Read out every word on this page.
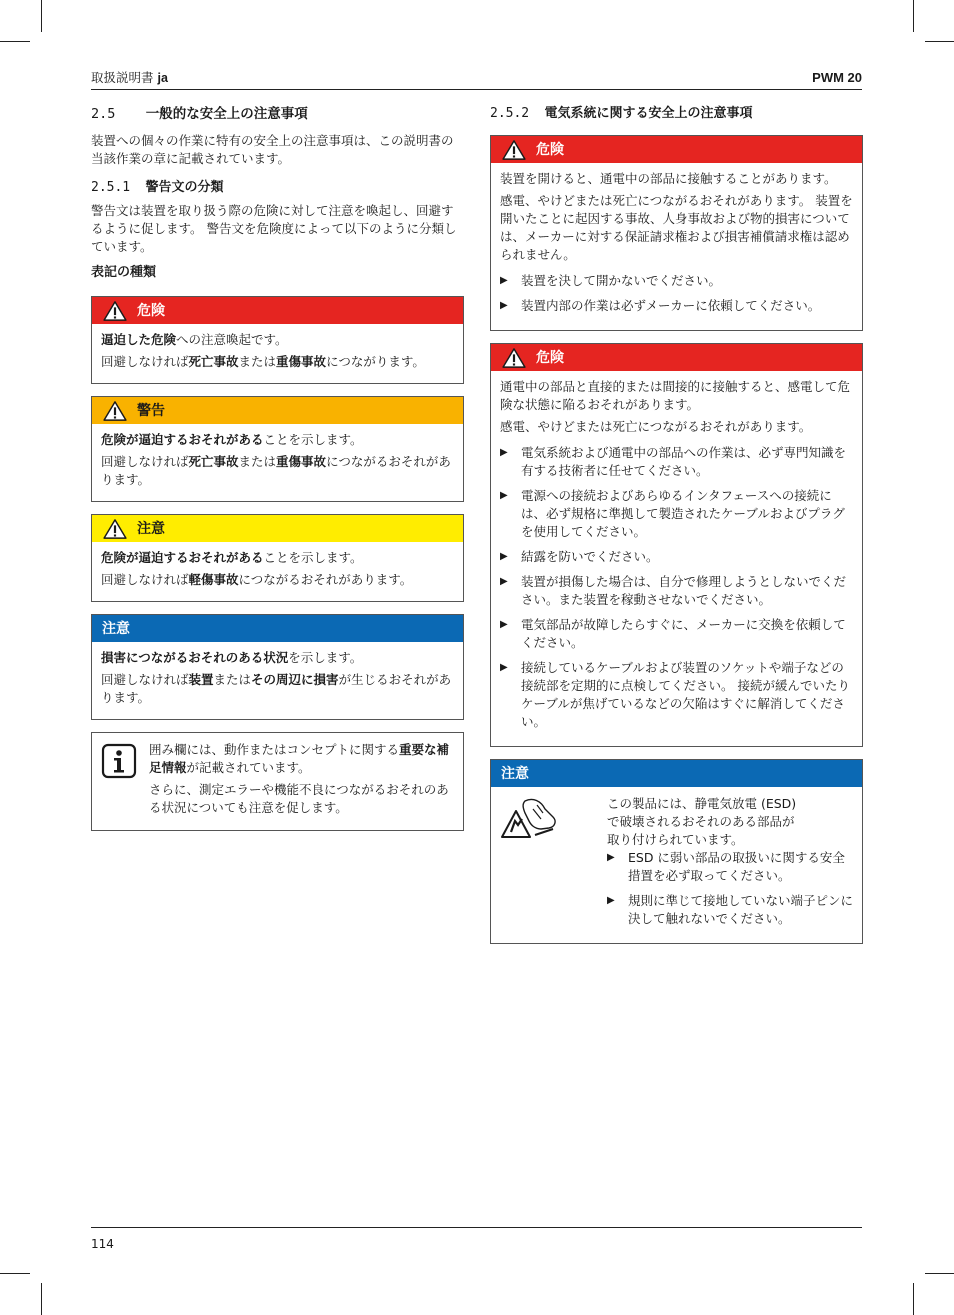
取扱説明書 ja	PWM 20
2.5 一般的な安全上の注意事項

装置への個々の作業に特有の安全上の注意事項は、この説明書の当該作業の章に記載されています。

2.5.1 警告文の分類

警告文は装置を取り扱う際の危険に対して注意を喚起し、回避するように促します。 警告文を危険度によって以下のように分類しています。

表記の種類
危険

逼迫した危険への注意喚起です。

回避しなければ死亡事故または重傷事故につながります。

警告

危険が逼迫するおそれがあることを示します。

回避しなければ死亡事故または重傷事故につながるおそれがあります。

注意

危険が逼迫するおそれがあることを示します。

回避しなければ軽傷事故につながるおそれがあります。

注意

損害につながるおそれのある状況を示します。

回避しなければ装置またはその周辺に損害が生じるおそれがあります。

囲み欄には、動作またはコンセプトに関する重要な補足情報が記載されています。

さらに、測定エラーや機能不良につながるおそれのある状況についても注意を促します。

2.5.2 電気系統に関する安全上の注意事項
危険

装置を開けると、通電中の部品に接触することがあります。

感電、やけどまたは死亡につながるおそれがあります。 装置を開いたことに起因する事故、人身事故および物的損害については、メーカーに対する保証請求権および損害補償請求権は認められません。

▶ 装置を決して開かないでください。
▶ 装置内部の作業は必ずメーカーに依頼してください。
危険

通電中の部品と直接的または間接的に接触すると、感電して危険な状態に陥るおそれがあります。

感電、やけどまたは死亡につながるおそれがあります。

▶ 電気系統および通電中の部品への作業は、必ず専門知識を有する技術者に任せてください。
▶ 電源への接続およびあらゆるインタフェースへの接続には、必ず規格に準拠して製造されたケーブルおよびプラグを使用してください。
▶ 結露を防いでください。
▶ 装置が損傷した場合は、自分で修理しようとしないでください。また装置を稼動させないでください。
▶ 電気部品が故障したらすぐに、メーカーに交換を依頼してください。
▶ 接続しているケーブルおよび装置のソケットや端子などの接続部を定期的に点検してください。 接続が緩んでいたりケーブルが焦げているなどの欠陥はすぐに解消してください。
注意

この製品には、静電気放電 (ESD)

で破壊されるおそれのある部品が

取り付けられています。

▶ ESD に弱い部品の取扱いに関する安全措置を必ず取ってください。
▶ 規則に準じて接地していない端子ピンに決して触れないでください。
114
